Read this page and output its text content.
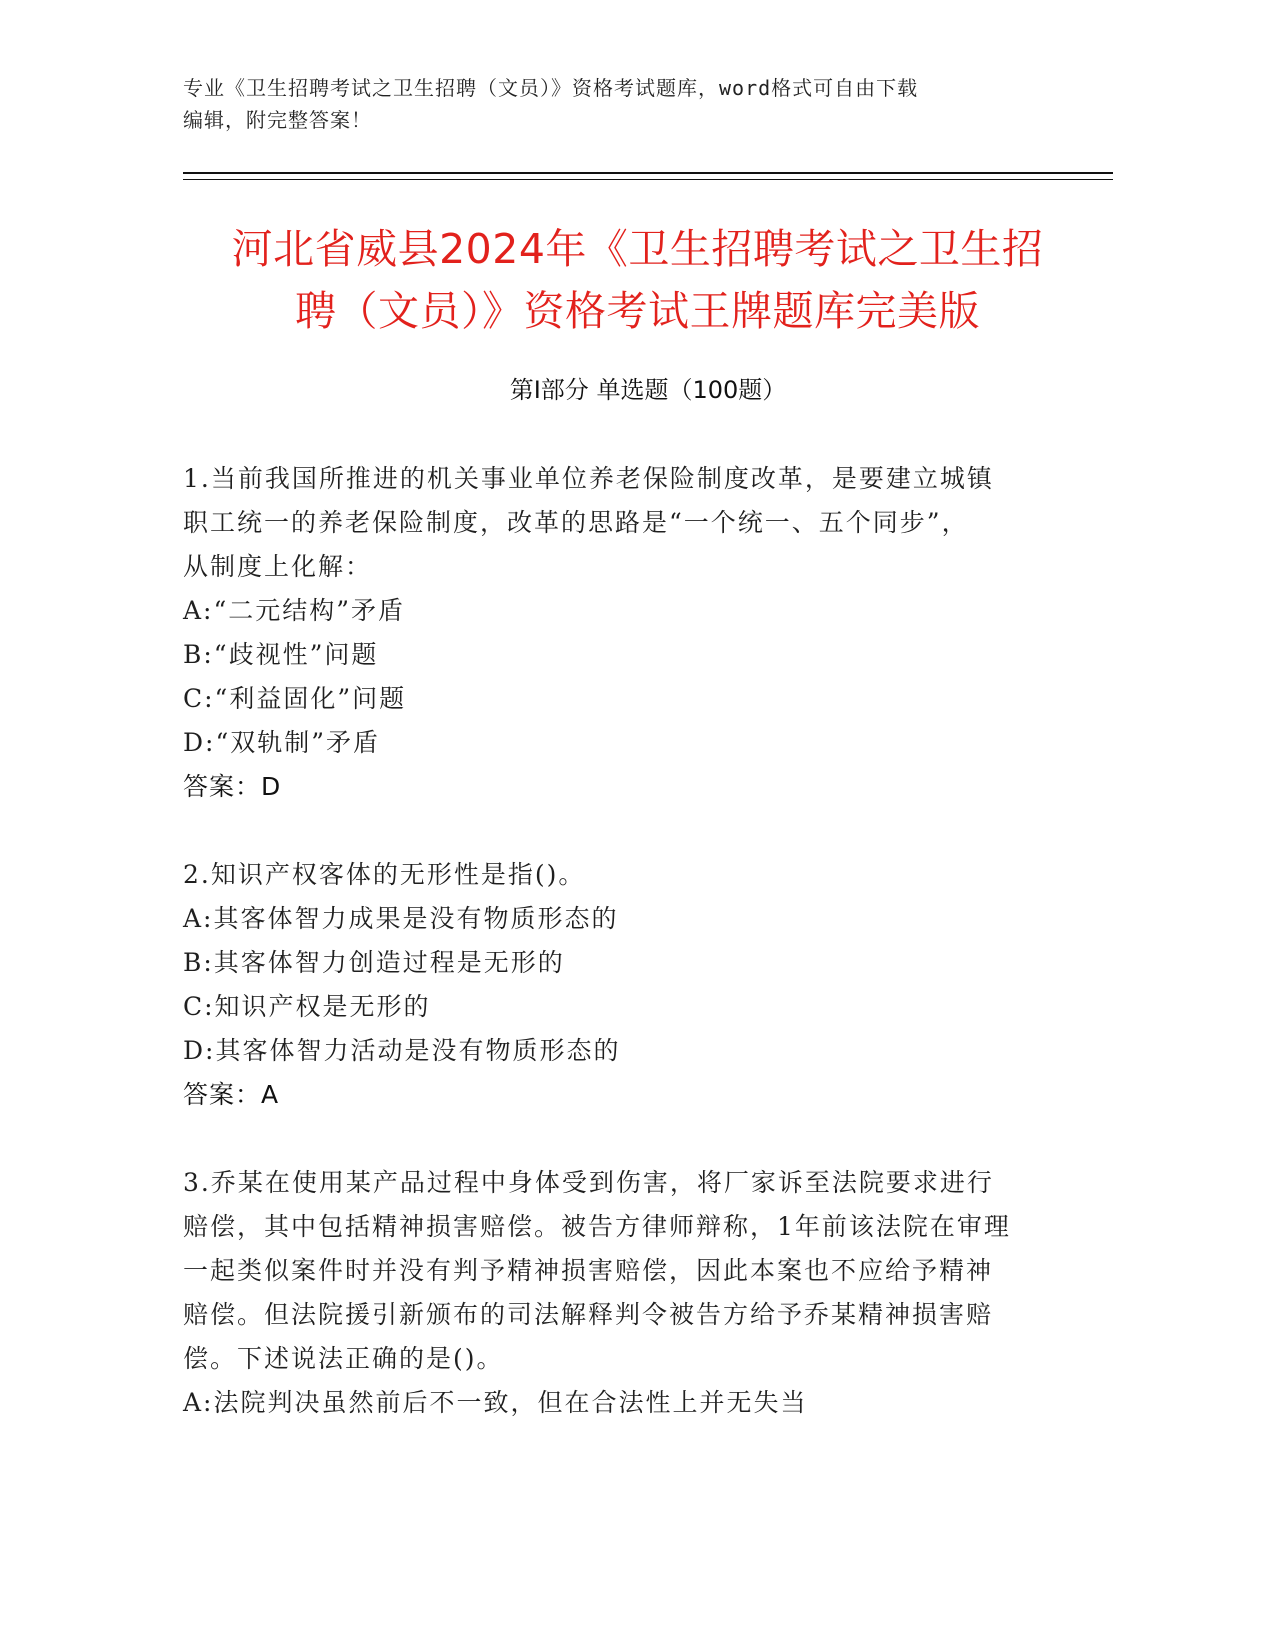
专业《卫生招聘考试之卫生招聘（文员）》资格考试题库，word格式可自由下载
编辑，附完整答案！
河北省威县2024年《卫生招聘考试之卫生招
聘（文员）》资格考试王牌题库完美版
第Ⅰ部分 单选题（100题）
1.当前我国所推进的机关事业单位养老保险制度改革，是要建立城镇
职工统一的养老保险制度，改革的思路是“一个统一、五个同步”，
从制度上化解：
A:“二元结构”矛盾
B:“歧视性”问题
C:“利益固化”问题
D:“双轨制”矛盾
答案：D
2.知识产权客体的无形性是指()。
A:其客体智力成果是没有物质形态的
B:其客体智力创造过程是无形的
C:知识产权是无形的
D:其客体智力活动是没有物质形态的
答案：A
3.乔某在使用某产品过程中身体受到伤害，将厂家诉至法院要求进行
赔偿，其中包括精神损害赔偿。被告方律师辩称，1年前该法院在审理
一起类似案件时并没有判予精神损害赔偿，因此本案也不应给予精神
赔偿。但法院援引新颁布的司法解释判令被告方给予乔某精神损害赔
偿。下述说法正确的是()。
A:法院判决虽然前后不一致，但在合法性上并无失当
